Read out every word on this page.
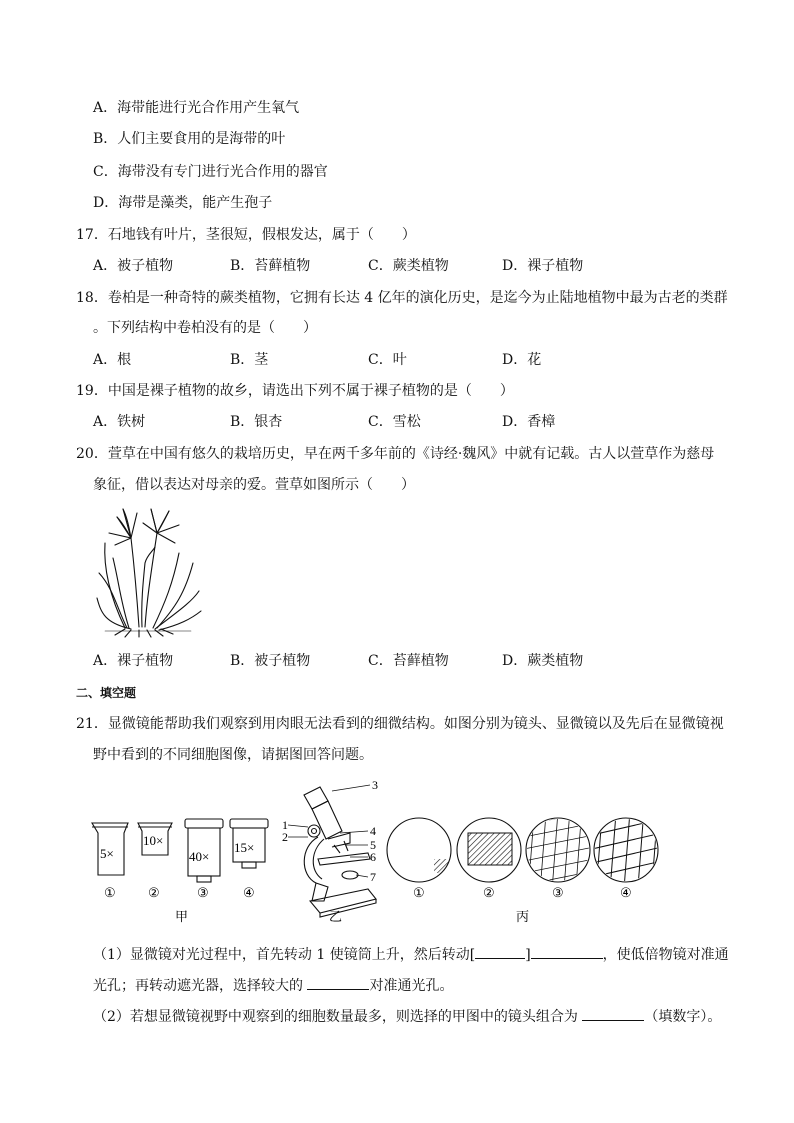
A．海带能进行光合作用产生氧气
B．人们主要食用的是海带的叶
C．海带没有专门进行光合作用的器官
D．海带是藻类，能产生孢子
17．石地钱有叶片，茎很短，假根发达，属于（　　）
A．被子植物	B．苔藓植物	C．蕨类植物	D．裸子植物
18．卷柏是一种奇特的蕨类植物，它拥有长达 4 亿年的演化历史，是迄今为止陆地植物中最为古老的类群
。下列结构中卷柏没有的是（　　）
A．根	B．茎	C．叶	D．花
19．中国是裸子植物的故乡，请选出下列不属于裸子植物的是（　　）
A．铁树	B．银杏	C．雪松	D．香樟
20．萱草在中国有悠久的栽培历史，早在两千多年前的《诗经·魏风》中就有记载。古人以萱草作为慈母
象征，借以表达对母亲的爱。萱草如图所示（　　）
A．裸子植物	B．被子植物	C．苔藓植物	D．蕨类植物
二、填空题
21．显微镜能帮助我们观察到用肉眼无法看到的细微结构。如图分别为镜头、显微镜以及先后在显微镜视
野中看到的不同细胞图像，请据图回答问题。
5×
10×
40×
15×
① ②	③	④
1
2
3
4
5
6
7
①	②	③	④
甲	乙	丙
（1）显微镜对光过程中，首先转动 1 使镜筒上升，然后转动[	]	，使低倍物镜对准通
光孔；再转动遮光器，选择较大的	对准通光孔。
（2）若想显微镜视野中观察到的细胞数量最多，则选择的甲图中的镜头组合为	（填数字）。
